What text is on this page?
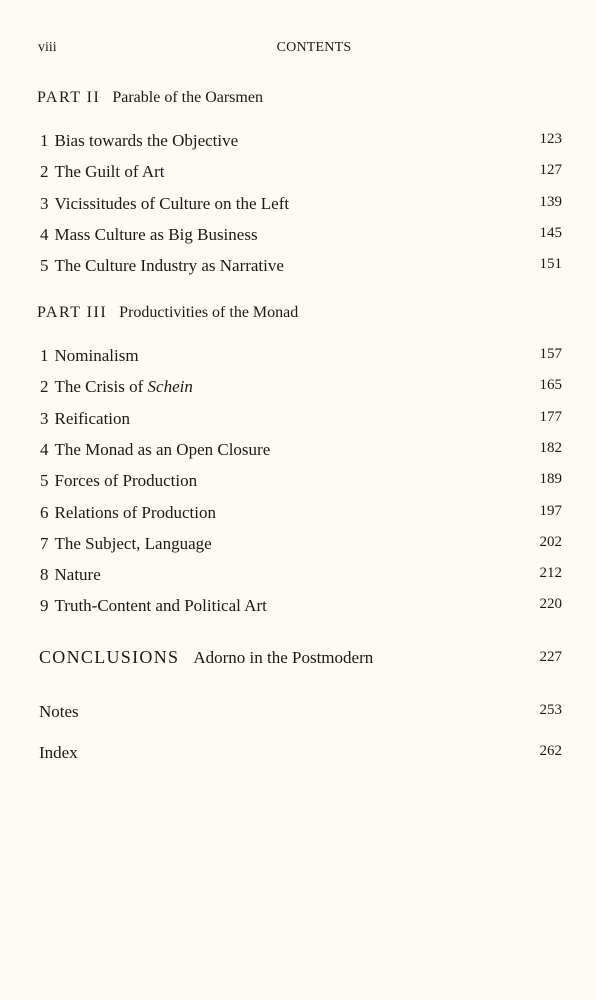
viii	CONTENTS
PART II Parable of the Oarsmen
1 Bias towards the Objective	123
2 The Guilt of Art	127
3 Vicissitudes of Culture on the Left	139
4 Mass Culture as Big Business	145
5 The Culture Industry as Narrative	151
PART III Productivities of the Monad
1 Nominalism	157
2 The Crisis of Schein	165
3 Reification	177
4 The Monad as an Open Closure	182
5 Forces of Production	189
6 Relations of Production	197
7 The Subject, Language	202
8 Nature	212
9 Truth-Content and Political Art	220
CONCLUSIONS Adorno in the Postmodern	227
Notes	253
Index	262
